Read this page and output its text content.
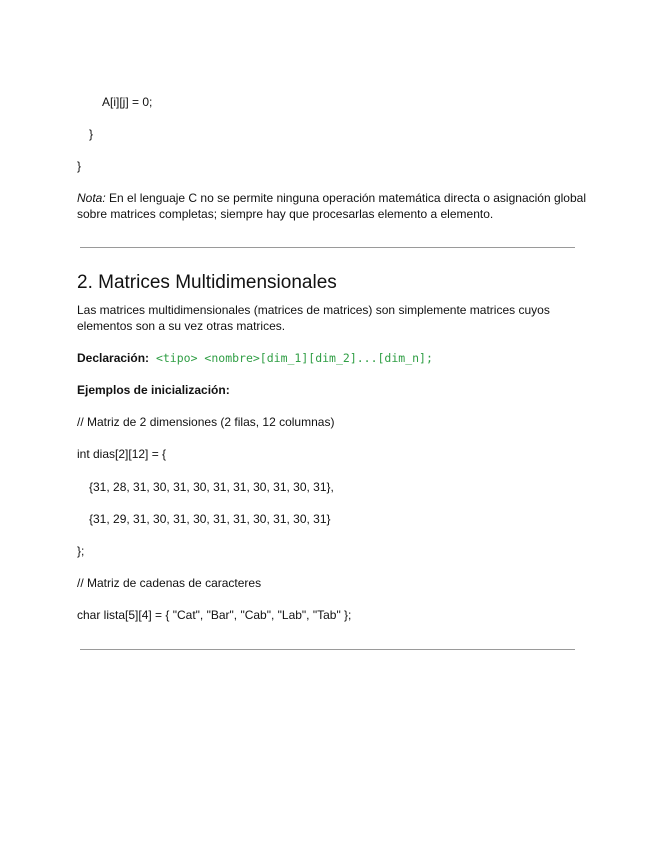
A[i][j] = 0;
}
}
Nota: En el lenguaje C no se permite ninguna operación matemática directa o asignación global sobre matrices completas; siempre hay que procesarlas elemento a elemento.
2. Matrices Multidimensionales
Las matrices multidimensionales (matrices de matrices) son simplemente matrices cuyos elementos son a su vez otras matrices.
Declaración: <tipo> <nombre>[dim_1][dim_2]...[dim_n];
Ejemplos de inicialización:
// Matriz de 2 dimensiones (2 filas, 12 columnas)
int dias[2][12] = {
{31, 28, 31, 30, 31, 30, 31, 31, 30, 31, 30, 31},
{31, 29, 31, 30, 31, 30, 31, 31, 30, 31, 30, 31}
};
// Matriz de cadenas de caracteres
char lista[5][4] = { "Cat", "Bar", "Cab", "Lab", "Tab" };
